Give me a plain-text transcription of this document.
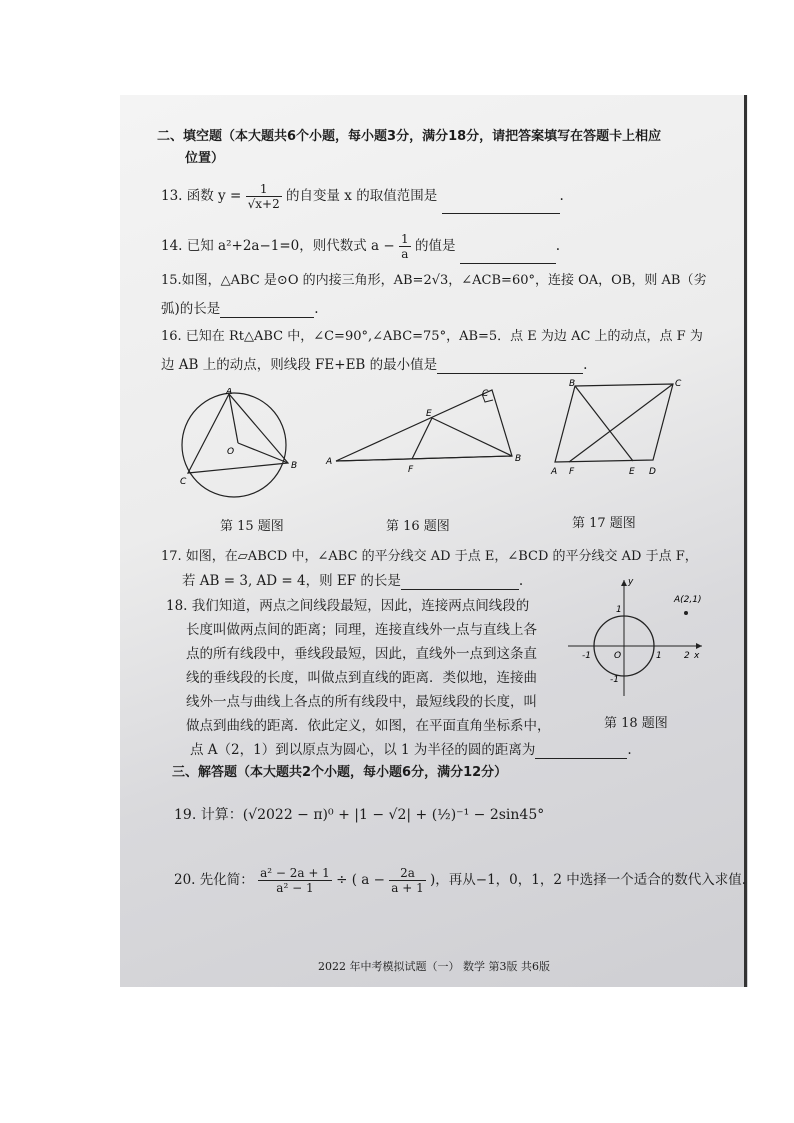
二、填空题（本大题共6个小题，每小题3分，满分18分，请把答案填写在答题卡上相应
位置）
13. 函数 $y = \frac{1}{√x+2}$ 的自变量 x 的取值范围是	.
14. 已知 a²+2a−1=0，则代数式 $a - \frac{1}{a}$ 的值是	.
15.如图，△ABC 是⊙O 的内接三角形，AB=2√3，∠ACB=60°，连接 OA，OB，则 AB（劣
弧)的长是	.
16. 已知在 Rt△ABC 中，∠C=90°,∠ABC=75°，AB=5．点 E 为边 AC 上的动点，点 F 为
边 AB 上的动点，则线段 FE+EB 的最小值是	.
A
O
B
C
第 15 题图
A
E
F
C
B
第 16 题图
B	C
A F	E D
第 17 题图
17. 如图，在▱ABCD 中，∠ABC 的平分线交 AD 于点 E，∠BCD 的平分线交 AD 于点 F，
若 AB = 3, AD = 4，则 EF 的长是	.
18. 我们知道，两点之间线段最短，因此，连接两点间线段的
长度叫做两点间的距离；同理，连接直线外一点与直线上各
点的所有线段中，垂线段最短，因此，直线外一点到这条直
线的垂线段的长度，叫做点到直线的距离．类似地，连接曲
线外一点与曲线上各点的所有线段中，最短线段的长度，叫
做点到曲线的距离．依此定义，如图，在平面直角坐标系中，
点 A（2，1）到以原点为圆心，以 1 为半径的圆的距离为	.
y
A(2,1)
1
-1	O	1 2 x
-1
第 18 题图
三、解答题（本大题共2个小题，每小题6分，满分12分）
19. 计算：(√2022 − π)⁰ + |1 − √2| + (½)⁻¹ − 2sin45°
20. 先化简： $\frac{\text{a² − 2a + 1}}{\text{a² − 1}}$ ÷ ( $a - \frac{2a}{a + 1}$ )，再从−1，0，1，2 中选择一个适合的数代入求值.
2022 年中考模拟试题（一） 数学 第3版 共6版
